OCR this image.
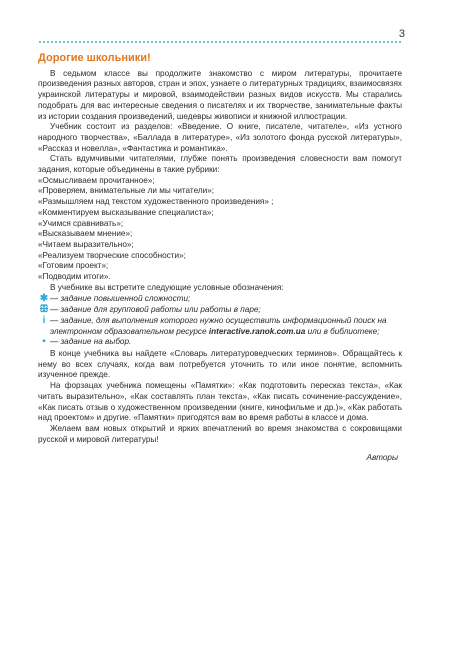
3
Дорогие школьники!

В седьмом классе вы продолжите знакомство с миром литературы, прочитаете произведения разных авторов, стран и эпох, узнаете о литературных традициях, взаимосвязях украинской литературы и мировой, взаимодействии разных видов искусств. Мы старались подобрать для вас интересные сведения о писателях и их творчестве, занимательные факты из истории создания произведений, шедевры живописи и книжной иллюстрации.

Учебник состоит из разделов: «Введение. О книге, писателе, читателе», «Из устного народного творчества», «Баллада в литературе», «Из золотого фонда русской литературы», «Рассказ и новелла», «Фантастика и романтика».

Стать вдумчивыми читателями, глубже понять произведения словесности вам помогут задания, которые объединены в такие рубрики:

«Осмысливаем прочитанное»;
«Проверяем, внимательные ли мы читатели»;
«Размышляем над текстом художественного произведения» ;
«Комментируем высказывание специалиста»;
«Учимся сравнивать»;
«Высказываем мнение»;
«Читаем выразительно»;
«Реализуем творческие способности»;
«Готовим проект»;
«Подводим итоги».

В учебнике вы встретите следующие условные обозначения:

✱ — задание повышенной сложности;
ꕥ — задание для групповой работы или работы в паре;
i — задание, для выполнения которого нужно осуществить информационный поиск на электронном образовательном ресурсе interactive.ranok.com.ua или в библиотеке;
▪ — задание на выбор.

В конце учебника вы найдете «Словарь литературоведческих терминов». Обращайтесь к нему во всех случаях, когда вам потребуется уточнить то или иное понятие, вспомнить изученное прежде.

На форзацах учебника помещены «Памятки»: «Как подготовить пересказ текста», «Как читать выразительно», «Как составлять план текста», «Как писать сочинение-рассуждение», «Как писать отзыв о художественном произведении (книге, кинофильме и др.)», «Как работать над проектом» и другие. «Памятки» пригодятся вам во время работы в классе и дома.

Желаем вам новых открытий и ярких впечатлений во время знакомства с сокровищами русской и мировой литературы!

Авторы
